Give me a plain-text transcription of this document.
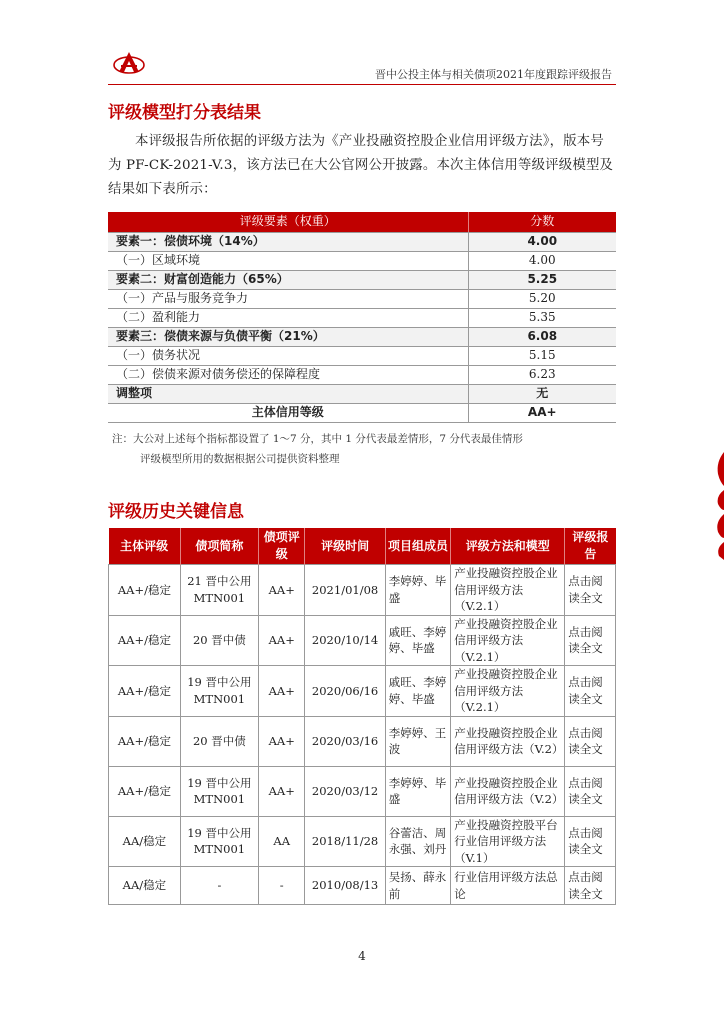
晋中公投主体与相关债项2021年度跟踪评级报告
评级模型打分表结果
本评级报告所依据的评级方法为《产业投融资控股企业信用评级方法》，版本号为 PF-CK-2021-V.3，该方法已在大公官网公开披露。本次主体信用等级评级模型及结果如下表所示：
评级要素（权重）	分数
要素一：偿债环境（14%）	4.00
（一）区域环境	4.00
要素二：财富创造能力（65%）	5.25
（一）产品与服务竞争力	5.20
（二）盈利能力	5.35
要素三：偿债来源与负债平衡（21%）	6.08
（一）债务状况	5.15
（二）偿债来源对债务偿还的保障程度	6.23
调整项	无
主体信用等级	AA+
注：大公对上述每个指标都设置了 1～7 分，其中 1 分代表最差情形，7 分代表最佳情形
评级模型所用的数据根据公司提供资料整理
评级历史关键信息
主体评级	债项简称	债项评级	评级时间	项目组成员	评级方法和模型	评级报告
AA+/稳定	21 晋中公用 MTN001	AA+	2021/01/08	李婷婷、毕盛	产业投融资控股企业信用评级方法（V.2.1）	点击阅读全文
AA+/稳定	20 晋中债	AA+	2020/10/14	戚旺、李婷婷、毕盛	产业投融资控股企业信用评级方法（V.2.1）	点击阅读全文
AA+/稳定	19 晋中公用 MTN001	AA+	2020/06/16	戚旺、李婷婷、毕盛	产业投融资控股企业信用评级方法（V.2.1）	点击阅读全文
AA+/稳定	20 晋中债	AA+	2020/03/16	李婷婷、王波	产业投融资控股企业信用评级方法（V.2）	点击阅读全文
AA+/稳定	19 晋中公用 MTN001	AA+	2020/03/12	李婷婷、毕盛	产业投融资控股企业信用评级方法（V.2）	点击阅读全文
AA/稳定	19 晋中公用 MTN001	AA	2018/11/28	谷蕾洁、周永强、刘丹	产业投融资控股平台行业信用评级方法（V.1）	点击阅读全文
AA/稳定	-	-	2010/08/13	吴扬、薛永前	行业信用评级方法总论	点击阅读全文
4
